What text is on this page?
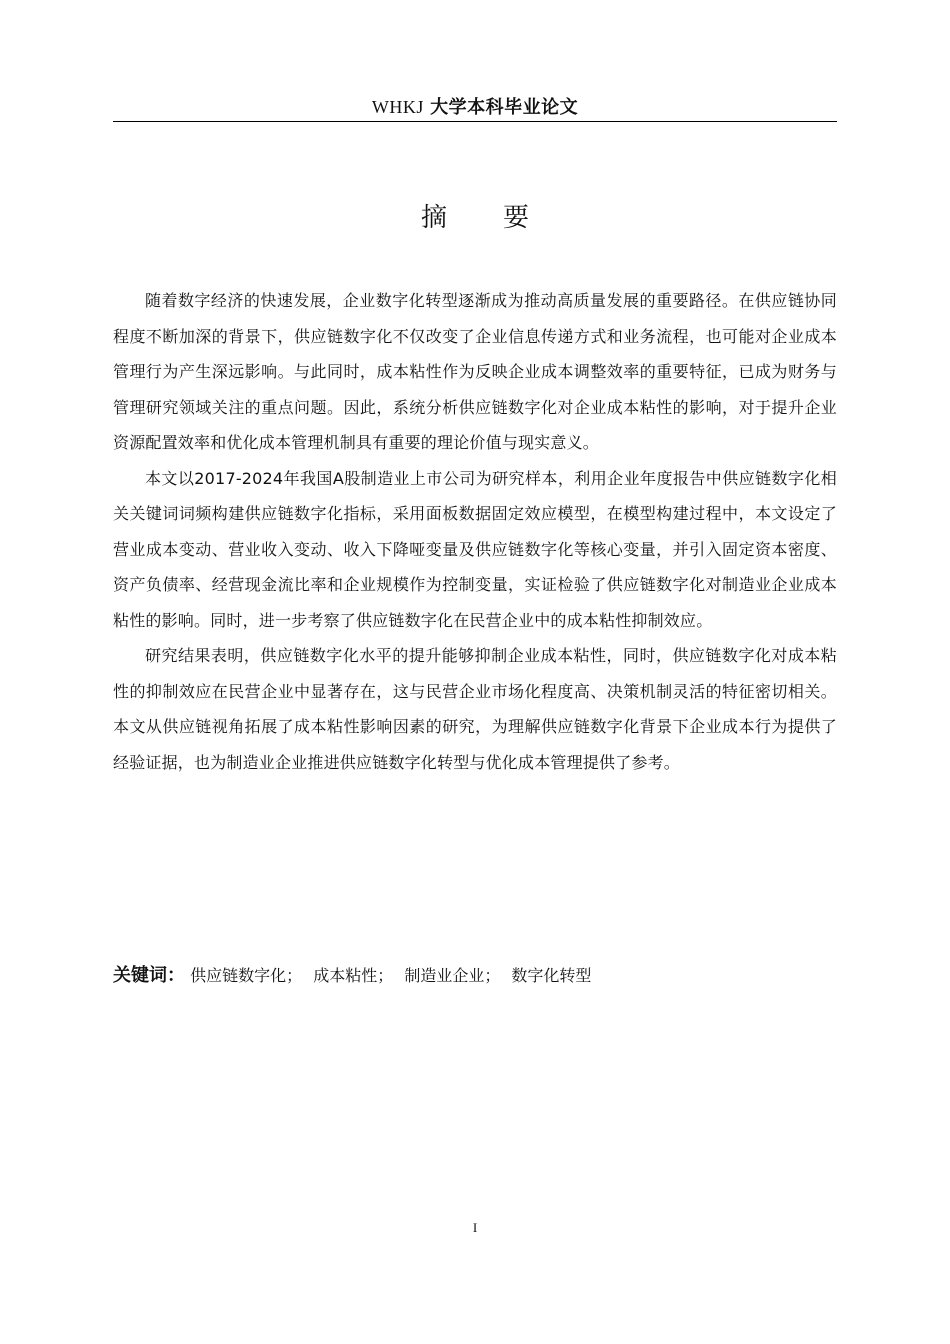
WHKJ 大学本科毕业论文
摘要

随着数字经济的快速发展，企业数字化转型逐渐成为推动高质量发展的重要路径。在供应链协同程度不断加深的背景下，供应链数字化不仅改变了企业信息传递方式和业务流程，也可能对企业成本管理行为产生深远影响。与此同时，成本粘性作为反映企业成本调整效率的重要特征，已成为财务与管理研究领域关注的重点问题。因此，系统分析供应链数字化对企业成本粘性的影响，对于提升企业资源配置效率和优化成本管理机制具有重要的理论价值与现实意义。

本文以2017-2024年我国A股制造业上市公司为研究样本，利用企业年度报告中供应链数字化相关关键词词频构建供应链数字化指标，采用面板数据固定效应模型，在模型构建过程中，本文设定了营业成本变动、营业收入变动、收入下降哑变量及供应链数字化等核心变量，并引入固定资本密度、资产负债率、经营现金流比率和企业规模作为控制变量，实证检验了供应链数字化对制造业企业成本粘性的影响。同时，进一步考察了供应链数字化在民营企业中的成本粘性抑制效应。

研究结果表明，供应链数字化水平的提升能够抑制企业成本粘性，同时，供应链数字化对成本粘性的抑制效应在民营企业中显著存在，这与民营企业市场化程度高、决策机制灵活的特征密切相关。本文从供应链视角拓展了成本粘性影响因素的研究，为理解供应链数字化背景下企业成本行为提供了经验证据，也为制造业企业推进供应链数字化转型与优化成本管理提供了参考。

关键词： 供应链数字化； 成本粘性； 制造业企业； 数字化转型
I
